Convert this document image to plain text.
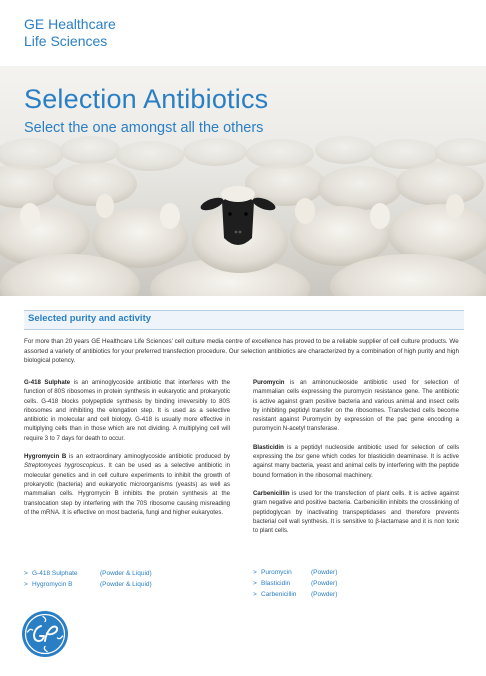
GE Healthcare
Life Sciences
Selection Antibiotics
Select the one amongst all the others
Selected purity and activity

For more than 20 years GE Healthcare Life Sciences' cell culture media centre of excellence has proved to be a reliable supplier of cell culture products. We assorted a variety of antibiotics for your preferred transfection procedure. Our selection antibiotics are characterized by a combination of high purity and high biological potency.

G-418 Sulphate is an aminoglycoside antibiotic that interferes with the function of 80S ribosomes in protein synthesis in eukaryotic and prokaryotic cells. G-418 blocks polypeptide synthesis by binding irreversibly to 80S ribosomes and inhibiting the elongation step. It is used as a selective antibiotic in molecular and cell biology. G-418 is usually more effective in multiplying cells than in those which are not dividing. A multiplying cell will require 3 to 7 days for death to occur.

Hygromycin B is an extraordinary aminoglycoside antibiotic produced by Streptomyces hygroscopicus. It can be used as a selective antibiotic in molecular genetics and in cell culture experiments to inhibit the growth of prokaryotic (bacteria) and eukaryotic microorganisms (yeasts) as well as mammalian cells. Hygromycin B inhibits the protein synthesis at the translocation step by interfering with the 70S ribosome causing misreading of the mRNA. It is effective on most bacteria, fungi and higher eukaryotes.

Puromycin is an aminonucleoside antibiotic used for selection of mammalian cells expressing the puromycin resistance gene. The antibiotic is active against gram positive bacteria and various animal and insect cells by inhibiting peptidyl transfer on the ribosomes. Transfected cells become resistant against Puromycin by expression of the pac gene encoding a puromycin N-acetyl transferase.

Blasticidin is a peptidyl nucleoside antibiotic used for selection of cells expressing the bsr gene which codes for blasticidin deaminase. It is active against many bacteria, yeast and animal cells by interfering with the peptide bound formation in the ribosomal machinery.

Carbenicillin is used for the transfection of plant cells. It is active against gram negative and positive bacteria. Carbenicillin inhibits the crosslinking of peptidoglycan by inactivating transpeptidases and therefore prevents bacterial cell wall synthesis. It is sensitive to β-lactamase and it is non toxic to plant cells.

> G-418 Sulphate	(Powder & Liquid)
> Hygromycin B	(Powder & Liquid)
> Puromycin	(Powder)
> Blasticidin	(Powder)
> Carbenicillin	(Powder)
